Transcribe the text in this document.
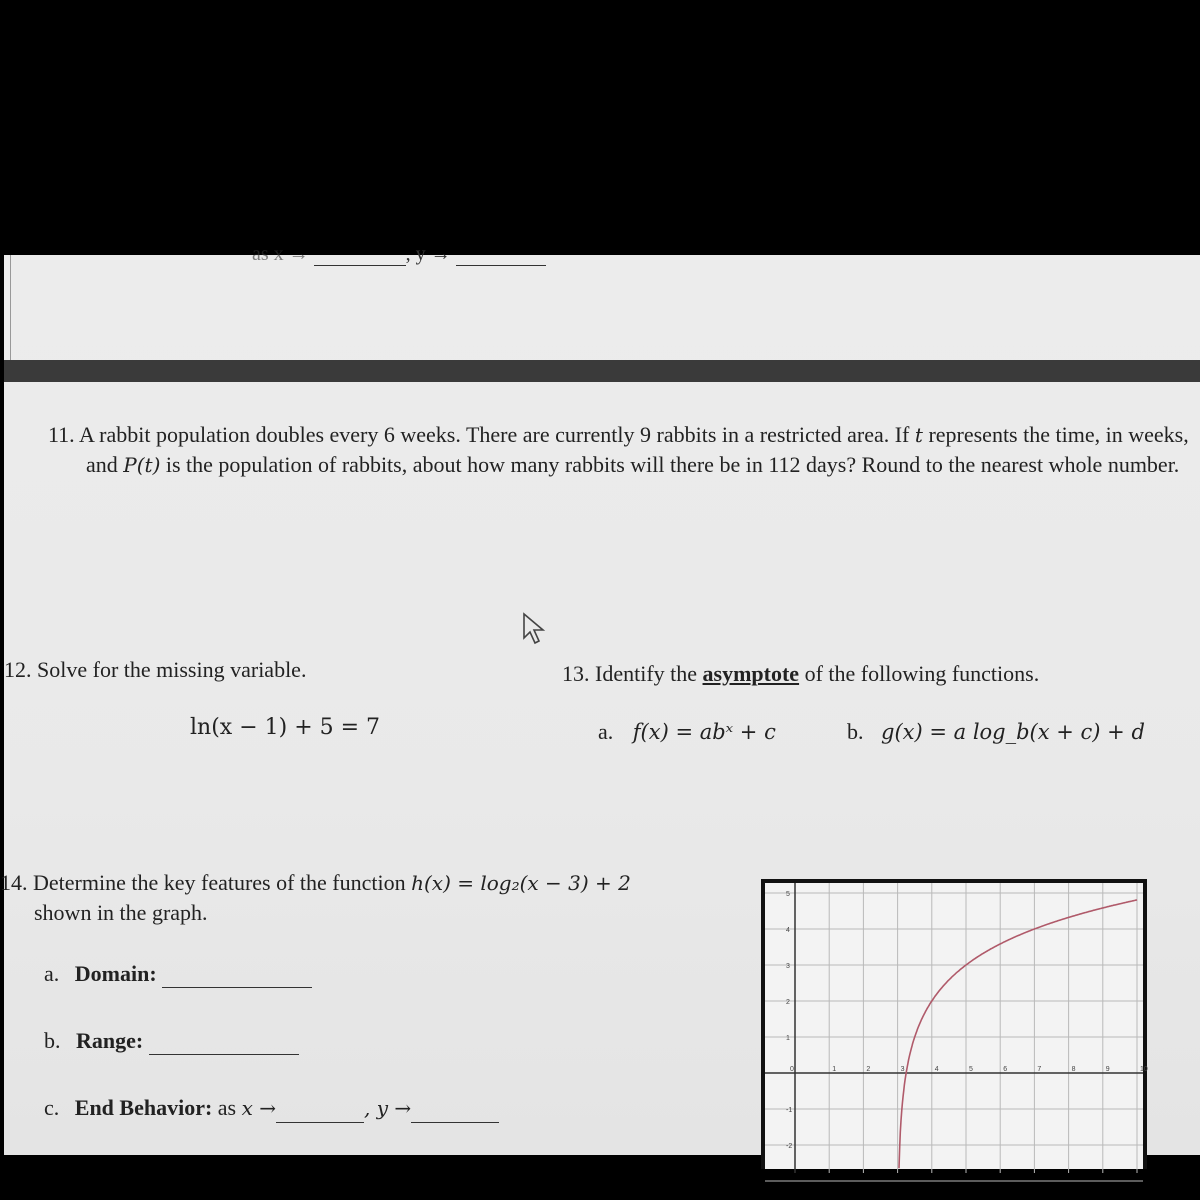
as x →	, y →
11. A rabbit population doubles every 6 weeks. There are currently 9 rabbits in a restricted area. If t represents the time, in weeks, and P(t) is the population of rabbits, about how many rabbits will there be in 112 days? Round to the nearest whole number.
12. Solve for the missing variable.
ln(x − 1) + 5 = 7
13. Identify the asymptote of the following functions.
a. f(x) = abˣ + c	b. g(x) = a log_b(x + c) + d
14. Determine the key features of the function h(x) = log₂(x − 3) + 2
shown in the graph.
a. Domain:
b. Range:
c. End Behavior: as x →	, y →
0	1	2	3	4	5	6	7	8	9	10
-2
-1
1
2
3
4
5
